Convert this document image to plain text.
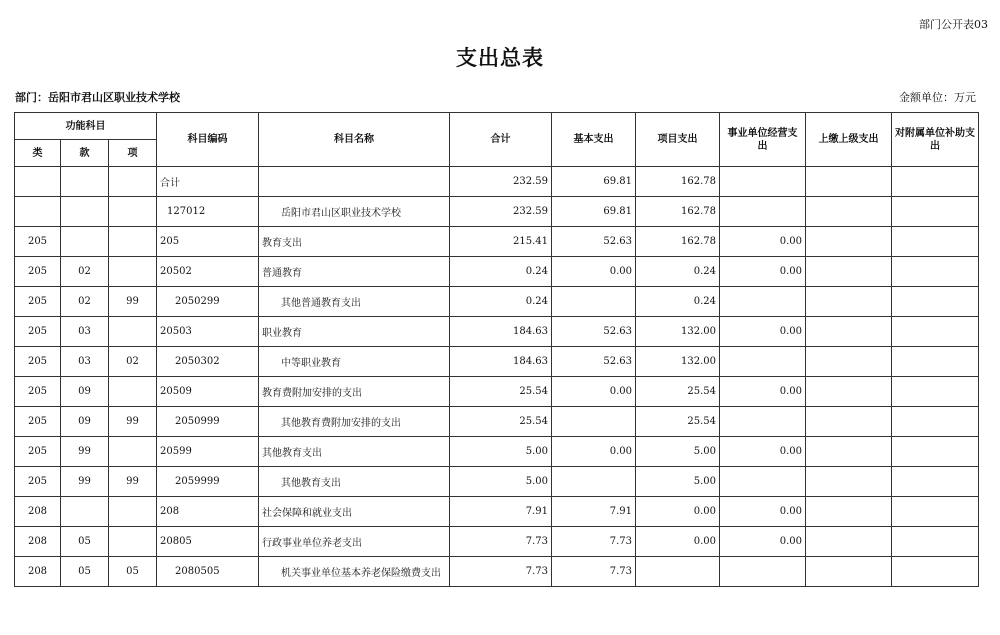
部门公开表03
支出总表
部门：岳阳市君山区职业技术学校	金额单位：万元
功能科目			科目编码	科目名称	合计	基本支出	项目支出	事业单位经营支出	上缴上级支出	对附属单位补助支出
类	款	项								
			合计		232.59	69.81	162.78			
			127012	岳阳市君山区职业技术学校	232.59	69.81	162.78			
205			205	教育支出	215.41	52.63	162.78	0.00		
205	02		20502	普通教育	0.24	0.00	0.24	0.00		
205	02	99	2050299	其他普通教育支出	0.24		0.24			
205	03		20503	职业教育	184.63	52.63	132.00	0.00		
205	03	02	2050302	中等职业教育	184.63	52.63	132.00			
205	09		20509	教育费附加安排的支出	25.54	0.00	25.54	0.00		
205	09	99	2050999	其他教育费附加安排的支出	25.54		25.54			
205	99		20599	其他教育支出	5.00	0.00	5.00	0.00		
205	99	99	2059999	其他教育支出	5.00		5.00			
208			208	社会保障和就业支出	7.91	7.91	0.00	0.00		
208	05		20805	行政事业单位养老支出	7.73	7.73	0.00	0.00		
208	05	05	2080505	机关事业单位基本养老保险缴费支出	7.73	7.73				
